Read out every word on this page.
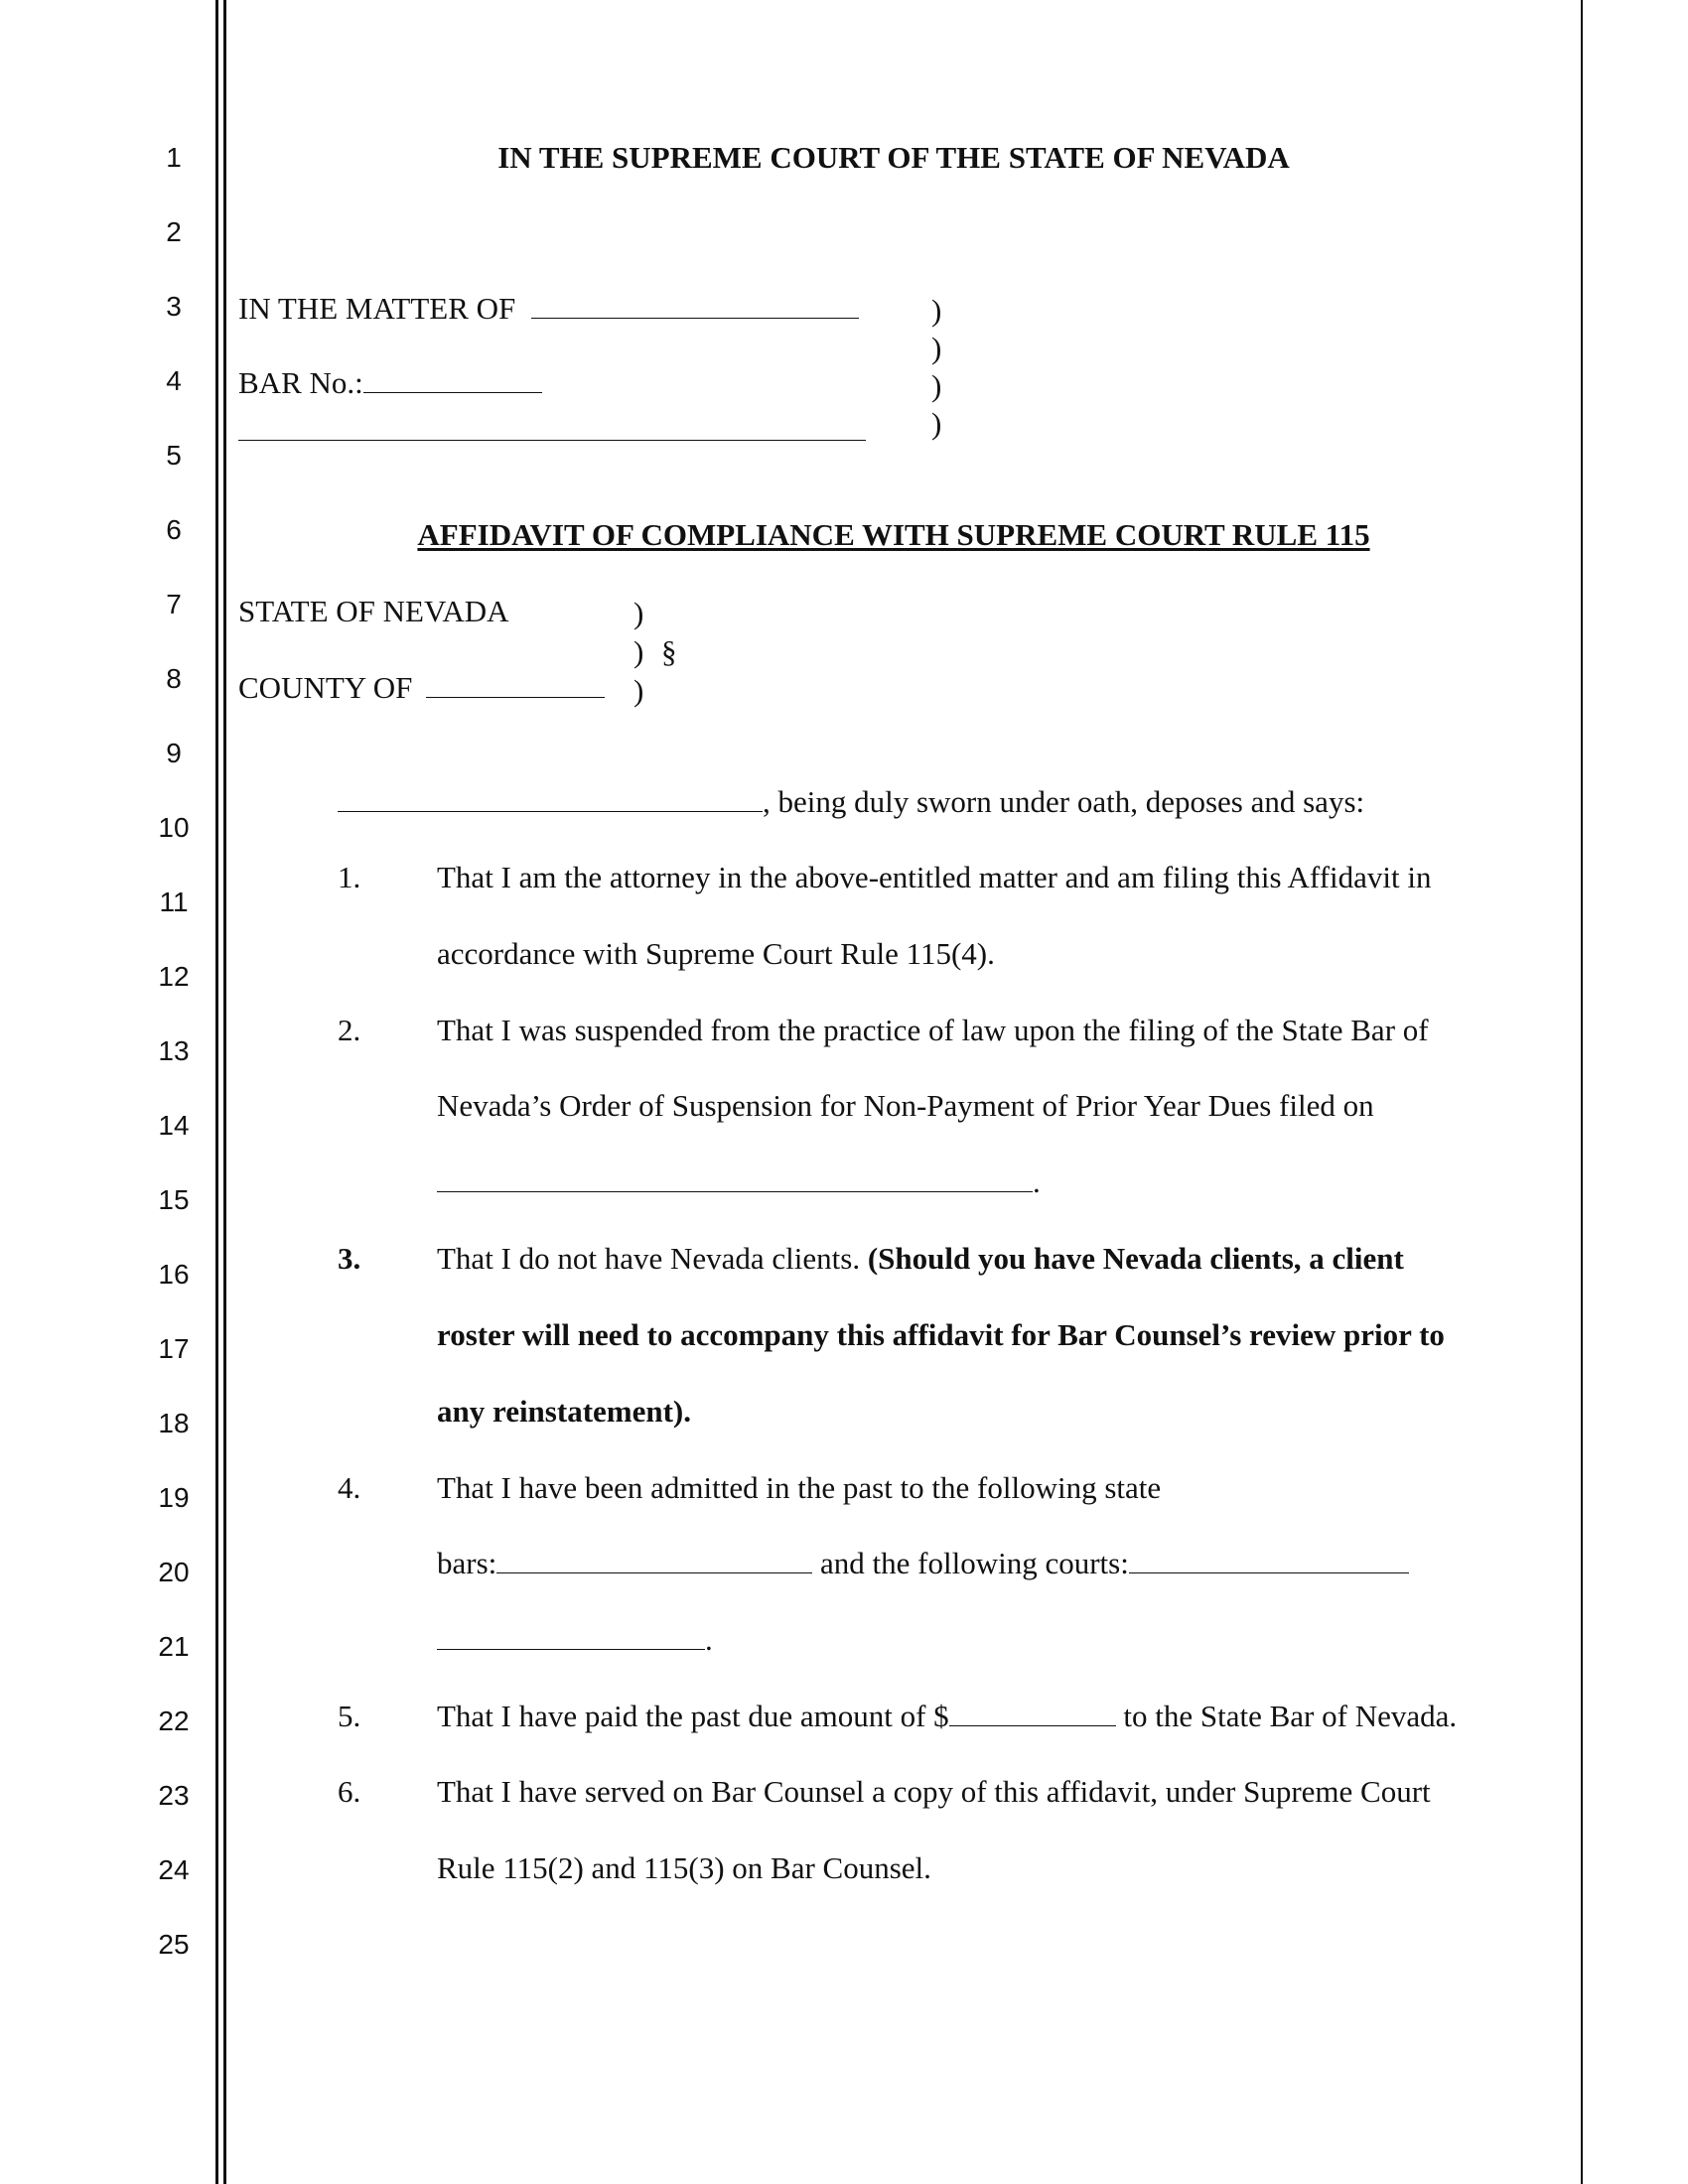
1
2
3
4
5
6
7
8
9
10
11
12
13
14
15
16
17
18
19
20
21
22
23
24
25
IN THE SUPREME COURT OF THE STATE OF NEVADA
IN THE MATTER OF
BAR No.:
)
)
)
)
AFFIDAVIT OF COMPLIANCE WITH SUPREME COURT RULE 115
STATE OF NEVADA
COUNTY OF
)
)
)
§
, being duly sworn under oath, deposes and says:
1. That I am the attorney in the above-entitled matter and am filing this Affidavit in
accordance with Supreme Court Rule 115(4).
2. That I was suspended from the practice of law upon the filing of the State Bar of
Nevada’s Order of Suspension for Non-Payment of Prior Year Dues filed on
.
3. That I do not have Nevada clients. (Should you have Nevada clients, a client
roster will need to accompany this affidavit for Bar Counsel’s review prior to
any reinstatement).
4. That I have been admitted in the past to the following state
bars:	and the following courts:
.
5. That I have paid the past due amount of $	to the State Bar of Nevada.
6. That I have served on Bar Counsel a copy of this affidavit, under Supreme Court
Rule 115(2) and 115(3) on Bar Counsel.
